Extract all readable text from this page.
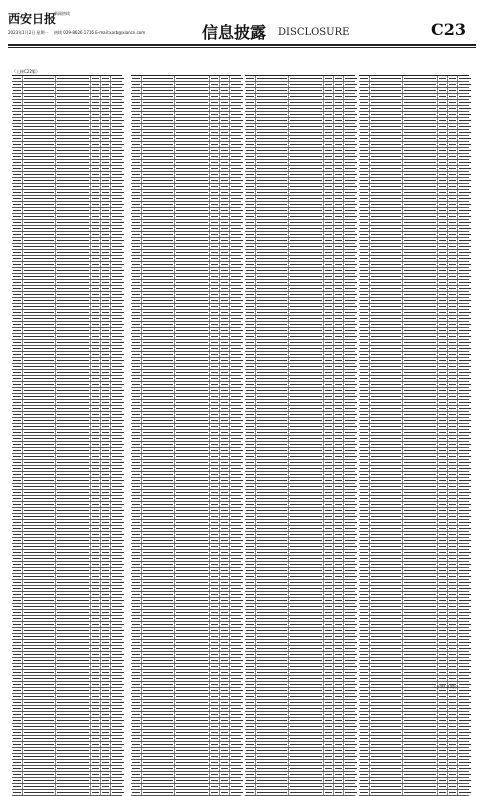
西安日报
新闻热线
2023年1月2日 星期一 热线 029-8626 1716 E-mail:xarb@xiancn.com	信息披露 DISCLOSURE	C23
（上接C22版）
（下转C24版）
